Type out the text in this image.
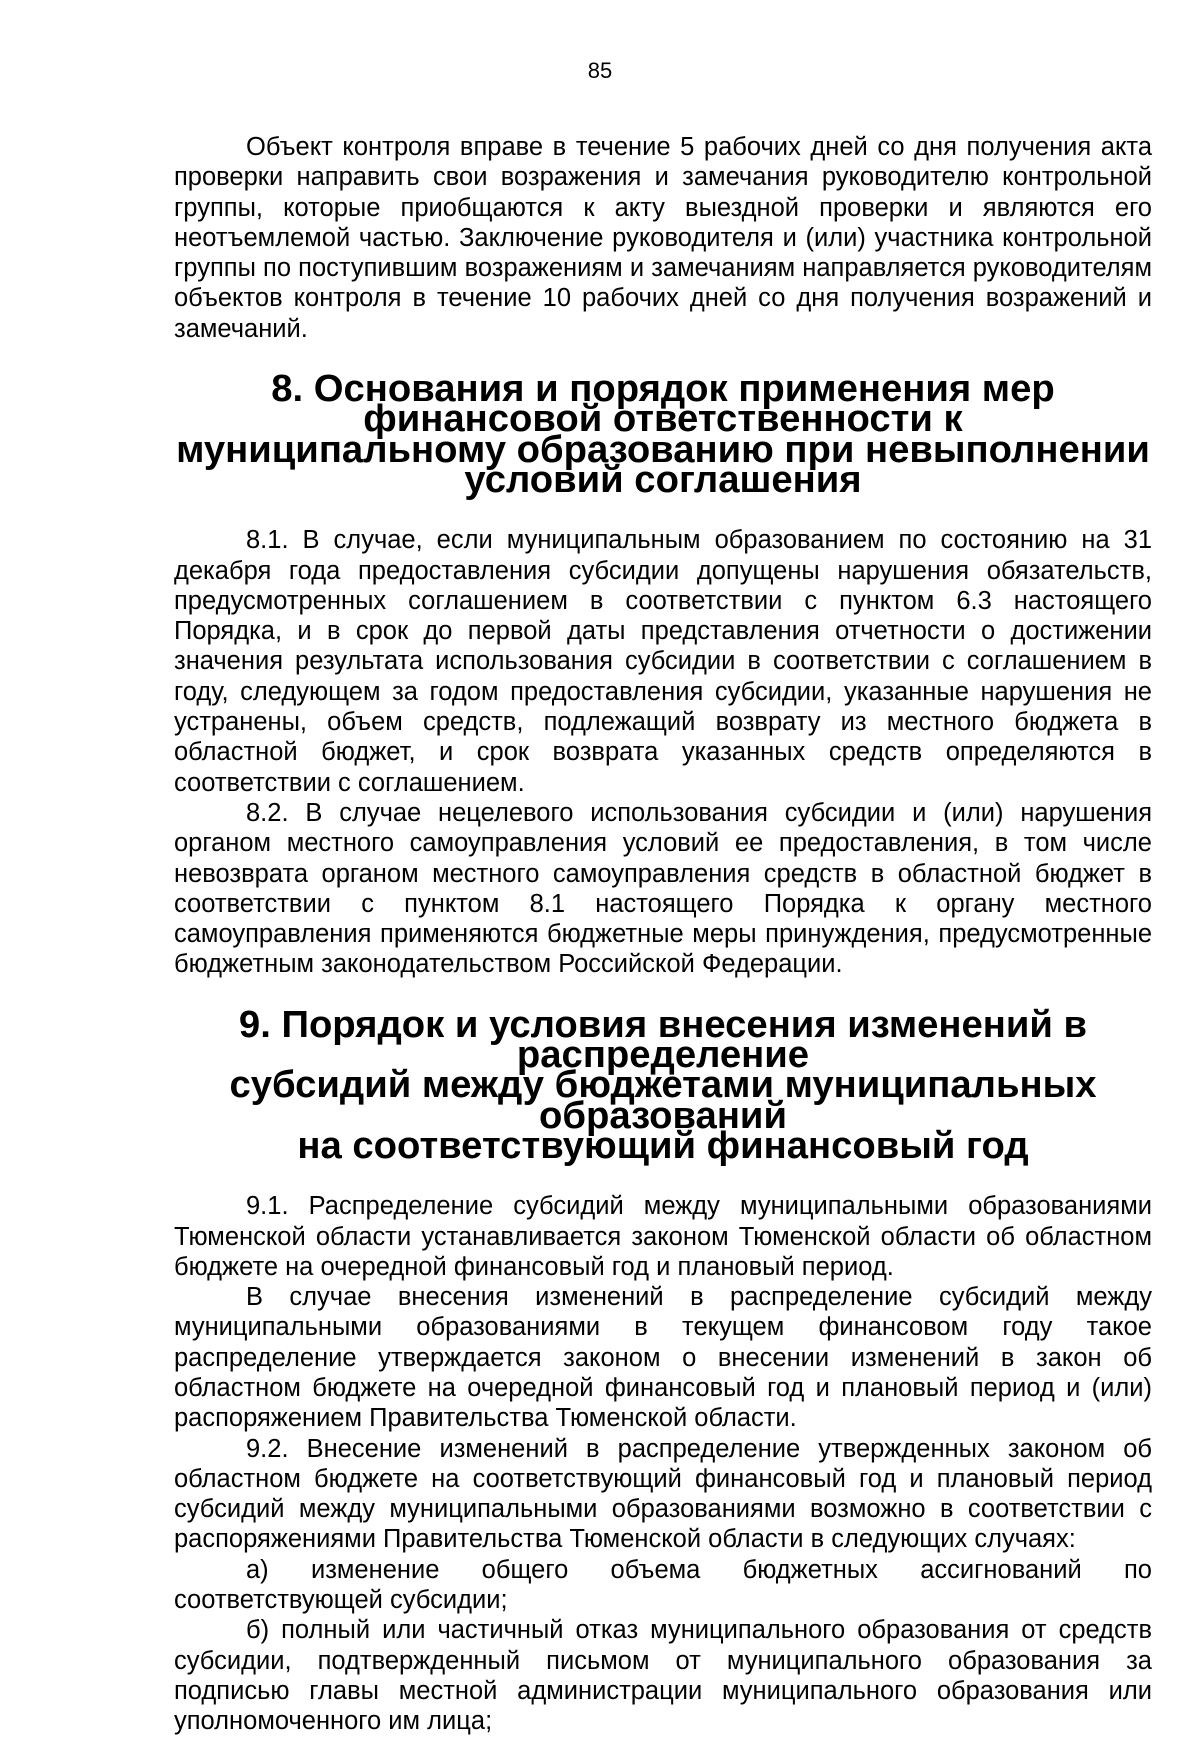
85

Объект контроля вправе в течение 5 рабочих дней со дня получения акта проверки направить свои возражения и замечания руководителю контрольной группы, которые приобщаются к акту выездной проверки и являются его неотъемлемой частью. Заключение руководителя и (или) участника контрольной группы по поступившим возражениям и замечаниям направляется руководителям объектов контроля в течение 10 рабочих дней со дня получения возражений и замечаний.

8. Основания и порядок применения мер финансовой ответственности к
муниципальному образованию при невыполнении условий соглашения

8.1. В случае, если муниципальным образованием по состоянию на 31 декабря года предоставления субсидии допущены нарушения обязательств, предусмотренных соглашением в соответствии с пунктом 6.3 настоящего Порядка, и в срок до первой даты представления отчетности о достижении значения результата использования субсидии в соответствии с соглашением в году, следующем за годом предоставления субсидии, указанные нарушения не устранены, объем средств, подлежащий возврату из местного бюджета в областной бюджет, и срок возврата указанных средств определяются в соответствии с соглашением.

8.2. В случае нецелевого использования субсидии и (или) нарушения органом местного самоуправления условий ее предоставления, в том числе невозврата органом местного самоуправления средств в областной бюджет в соответствии с пунктом 8.1 настоящего Порядка к органу местного самоуправления применяются бюджетные меры принуждения, предусмотренные бюджетным законодательством Российской Федерации.

9. Порядок и условия внесения изменений в распределение
субсидий между бюджетами муниципальных образований
на соответствующий финансовый год

9.1. Распределение субсидий между муниципальными образованиями Тюменской области устанавливается законом Тюменской области об областном бюджете на очередной финансовый год и плановый период.

В случае внесения изменений в распределение субсидий между муниципальными образованиями в текущем финансовом году такое распределение утверждается законом о внесении изменений в закон об областном бюджете на очередной финансовый год и плановый период и (или) распоряжением Правительства Тюменской области.

9.2. Внесение изменений в распределение утвержденных законом об областном бюджете на соответствующий финансовый год и плановый период субсидий между муниципальными образованиями возможно в соответствии с распоряжениями Правительства Тюменской области в следующих случаях:

а) изменение общего объема бюджетных ассигнований по соответствующей субсидии;

б) полный или частичный отказ муниципального образования от средств субсидии, подтвержденный письмом от муниципального образования за подписью главы местной администрации муниципального образования или уполномоченного им лица;
